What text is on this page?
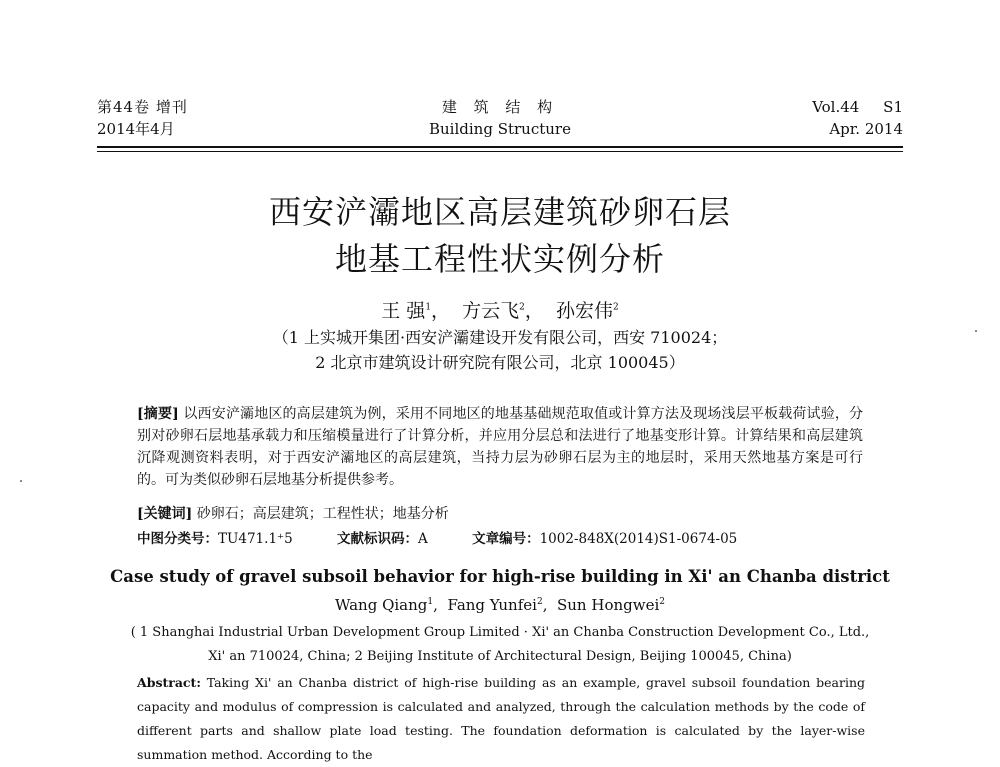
第44卷 增刊
2014年4月
建 筑 结 构
Building Structure
Vol.44 S1
Apr. 2014
西安浐灞地区高层建筑砂卵石层
地基工程性状实例分析
王 强$^1$，  方云飞$^2$，  孙宏伟$^2$
（1 上实城开集团·西安浐灞建设开发有限公司，西安 710024；
2 北京市建筑设计研究院有限公司，北京 100045）
[摘要] 以西安浐灞地区的高层建筑为例，采用不同地区的地基基础规范取值或计算方法及现场浅层平板载荷试验，分别对砂卵石层地基承载力和压缩模量进行了计算分析，并应用分层总和法进行了地基变形计算。计算结果和高层建筑沉降观测资料表明，对于西安浐灞地区的高层建筑，当持力层为砂卵石层为主的地层时，采用天然地基方案是可行的。可为类似砂卵石层地基分析提供参考。
[关键词] 砂卵石；高层建筑；工程性状；地基分析
中图分类号：TU471.1⁺5	文献标识码：A	文章编号：1002-848X(2014)S1-0674-05
Case study of gravel subsoil behavior for high-rise building in Xi' an Chanba district
Wang Qiang$^1$,  Fang Yunfei$^2$,  Sun Hongwei$^2$
( 1 Shanghai Industrial Urban Development Group Limited · Xi' an Chanba Construction Development Co., Ltd.,
Xi' an 710024, China; 2 Beijing Institute of Architectural Design, Beijing 100045, China)
Abstract: Taking Xi' an Chanba district of high-rise building as an example, gravel subsoil foundation bearing capacity and modulus of compression is calculated and analyzed, through the calculation methods by the code of different parts and shallow plate load testing. The foundation deformation is calculated by the layer-wise summation method. According to the
